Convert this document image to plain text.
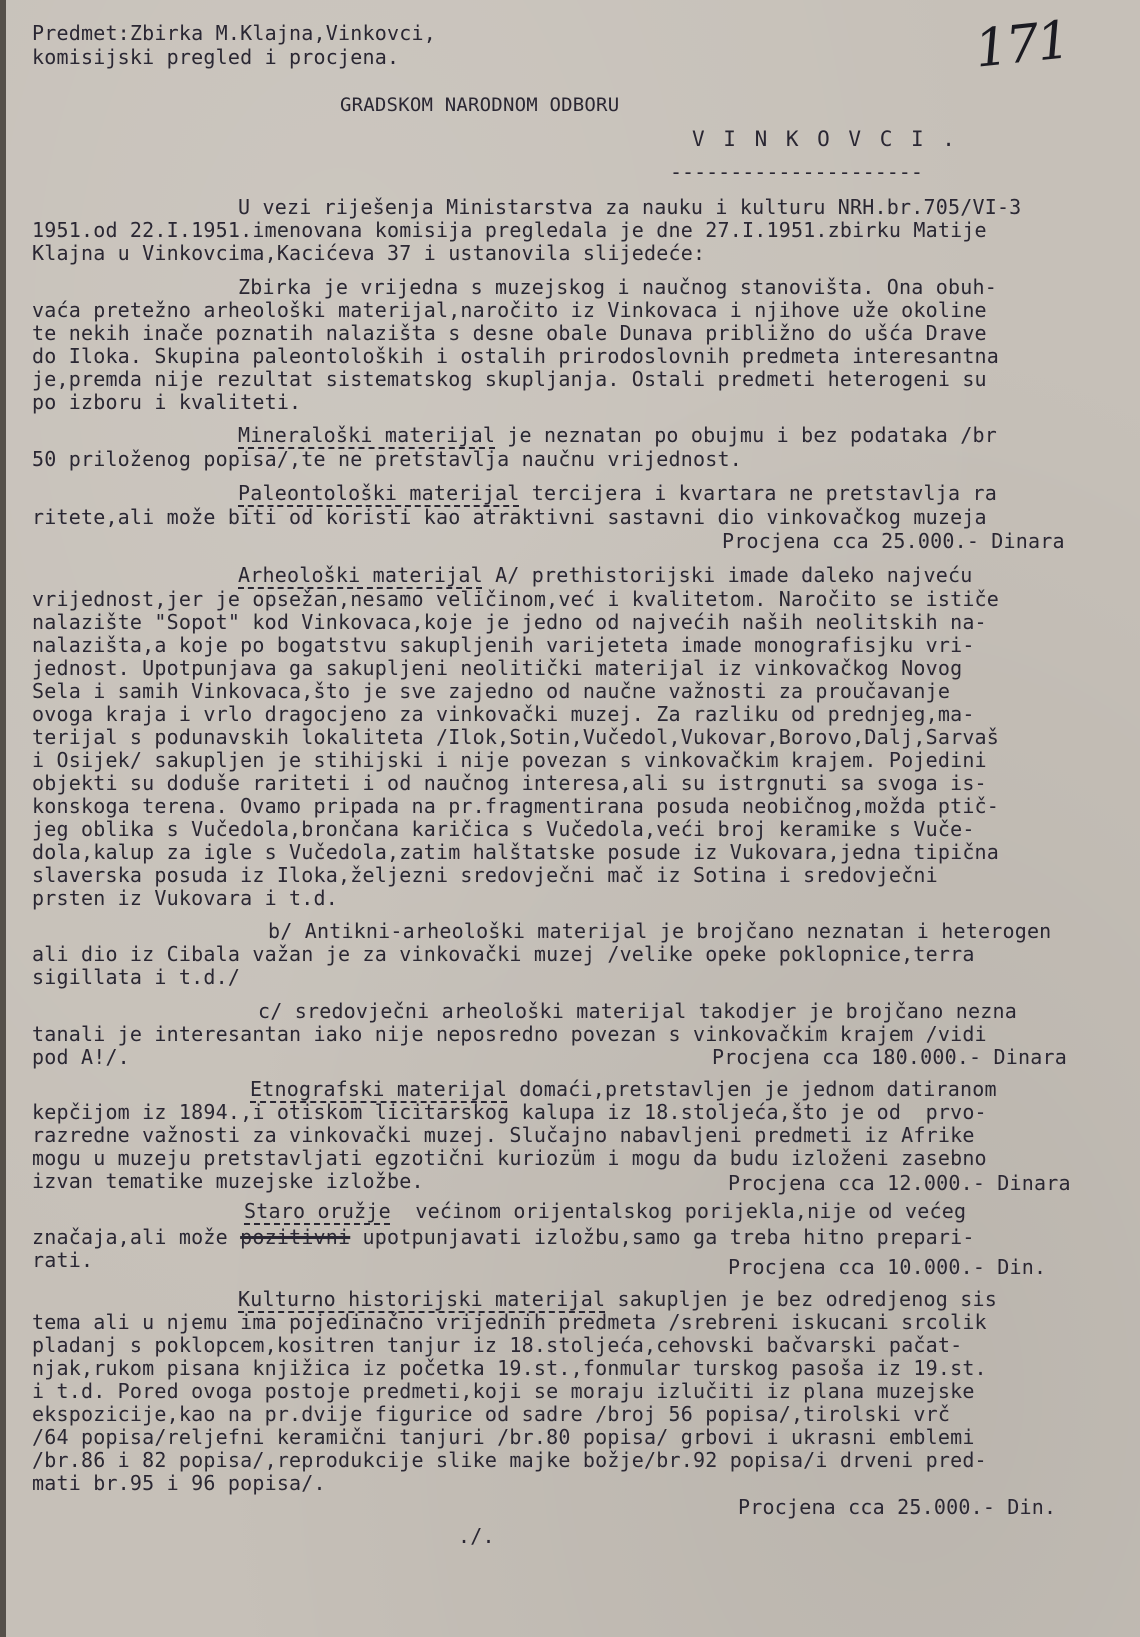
Predmet:Zbirka M.Klajna,Vinkovci,
komisijski pregled i procjena.	171
GRADSKOM NARODNOM ODBORU
V I N K O V C I .
---------------------
U vezi riješenja Ministarstva za nauku i kulturu NRH.br.705/VI-3
1951.od 22.I.1951.imenovana komisija pregledala je dne 27.I.1951.zbirku Matije
Klajna u Vinkovcima,Kacićeva 37 i ustanovila slijedeće:
Zbirka je vrijedna s muzejskog i naučnog stanovišta. Ona obuh-
vaća pretežno arheološki materijal,naročito iz Vinkovaca i njihove uže okoline
te nekih inače poznatih nalazišta s desne obale Dunava približno do ušća Drave
do Iloka. Skupina paleontoloških i ostalih prirodoslovnih predmeta interesantna
je,premda nije rezultat sistematskog skupljanja. Ostali predmeti heterogeni su
po izboru i kvaliteti.
Mineraloški materijal je neznatan po obujmu i bez podataka /br
50 priloženog popisa/,te ne pretstavlja naučnu vrijednost.
Paleontološki materijal tercijera i kvartara ne pretstavlja ra
ritete,ali može biti od koristi kao atraktivni sastavni dio vinkovačkog muzeja
Procjena cca 25.000.- Dinara
Arheološki materijal A/ prethistorijski imade daleko najveću
vrijednost,jer je opsežan,nesamo veličinom,već i kvalitetom. Naročito se ističe
nalazište "Sopot" kod Vinkovaca,koje je jedno od najvećih naših neolitskih na-
nalazišta,a koje po bogatstvu sakupljenih varijeteta imade monografisjku vri-
jednost. Upotpunjava ga sakupljeni neolitički materijal iz vinkovačkog Novog
Sela i samih Vinkovaca,što je sve zajedno od naučne važnosti za proučavanje
ovoga kraja i vrlo dragocjeno za vinkovački muzej. Za razliku od prednjeg,ma-
terijal s podunavskih lokaliteta /Ilok,Sotin,Vučedol,Vukovar,Borovo,Dalj,Sarvaš
i Osijek/ sakupljen je stihijski i nije povezan s vinkovačkim krajem. Pojedini
objekti su doduše rariteti i od naučnog interesa,ali su istrgnuti sa svoga is-
konskoga terena. Ovamo pripada na pr.fragmentirana posuda neobičnog,možda ptič-
jeg oblika s Vučedola,brončana karičica s Vučedola,veći broj keramike s Vuče-
dola,kalup za igle s Vučedola,zatim halštatske posude iz Vukovara,jedna tipična
slaverska posuda iz Iloka,željezni sredovječni mač iz Sotina i sredovječni
prsten iz Vukovara i t.d.
b/ Antikni-arheološki materijal je brojčano neznatan i heterogen
ali dio iz Cibala važan je za vinkovački muzej /velike opeke poklopnice,terra
sigillata i t.d./
c/ sredovječni arheološki materijal takodjer je brojčano nezna
tanali je interesantan iako nije neposredno povezan s vinkovačkim krajem /vidi
pod A!/.	Procjena cca 180.000.- Dinara
Etnografski materijal domaći,pretstavljen je jednom datiranom
kepčijom iz 1894.,i otiskom licitarskog kalupa iz 18.stoljeća,što je od  prvo-
razredne važnosti za vinkovački muzej. Slučajno nabavljeni predmeti iz Afrike
mogu u muzeju pretstavljati egzotični kuriozüm i mogu da budu izloženi zasebno
izvan tematike muzejske izložbe.	Procjena cca 12.000.- Dinara
Staro oružje  većinom orijentalskog porijekla,nije od većeg
značaja,ali može pozitivni upotpunjavati izložbu,samo ga treba hitno prepari-
rati.	Procjena cca 10.000.- Din.
Kulturno historijski materijal sakupljen je bez odredjenog sis
tema ali u njemu ima pojedinačno vrijednih predmeta /srebreni iskucani srcolik
pladanj s poklopcem,kositren tanjur iz 18.stoljeća,cehovski bačvarski pačat-
njak,rukom pisana knjižica iz početka 19.st.,fonmular turskog pasoša iz 19.st.
i t.d. Pored ovoga postoje predmeti,koji se moraju izlučiti iz plana muzejske
ekspozicije,kao na pr.dvije figurice od sadre /broj 56 popisa/,tirolski vrč
/64 popisa/reljefni keramični tanjuri /br.80 popisa/ grbovi i ukrasni emblemi
/br.86 i 82 popisa/,reprodukcije slike majke božje/br.92 popisa/i drveni pred-
mati br.95 i 96 popisa/.
Procjena cca 25.000.- Din.
./.
